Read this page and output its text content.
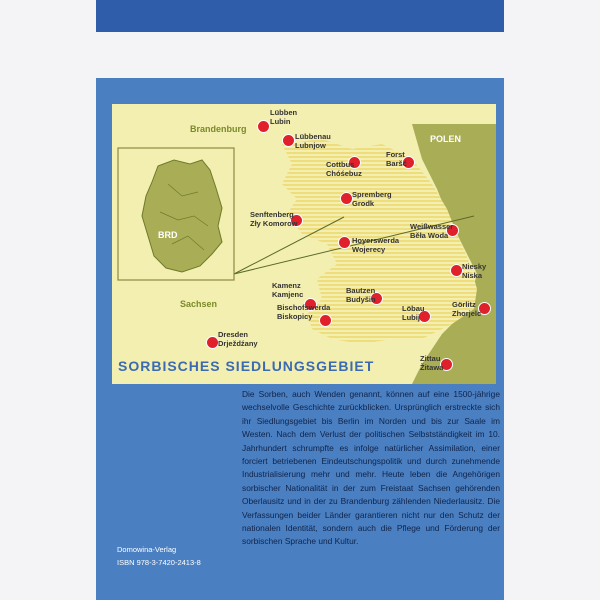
Brandenburg
Sachsen
POLEN
BRD
Lübben
Lubin
Lübbenau
Lubnjow
Cottbus
Chóśebuz
Forst
Baršć
Spremberg
Grodk
Senftenberg
Zły Komorow	Weißwasser
Běła Woda
Hoyerswerda
Wojerecy
Niesky
Niska
Kamenz
Kamjenc	Bautzen
Budyšin
Bischofswerda
Biskopicy
Görlitz
Zhorjelc
Löbau
Lubij
Dresden
Drježdźany
Zittau
Žitawa
SORBISCHES SIEDLUNGSGEBIET
Die Sorben, auch Wenden genannt, können auf eine 1500-jährige wechselvolle Geschichte zurückblicken. Ursprünglich erstreckte sich ihr Siedlungsgebiet bis Berlin im Norden und bis zur Saale im Westen. Nach dem Verlust der politischen Selbstständigkeit im 10. Jahrhundert schrumpfte es infolge natürlicher Assimilation, einer forciert betriebenen Eindeutschungspolitik und durch zunehmende Industrialisierung mehr und mehr. Heute leben die Angehörigen sorbischer Nationalität in der zum Freistaat Sachsen gehörenden Oberlausitz und in der zu Brandenburg zählenden Niederlausitz. Die Verfassungen beider Länder garantieren nicht nur den Schutz der nationalen Identität, sondern auch die Pflege und Förderung der sorbischen Sprache und Kultur.
Domowina-Verlag
ISBN 978-3-7420-2413-8
